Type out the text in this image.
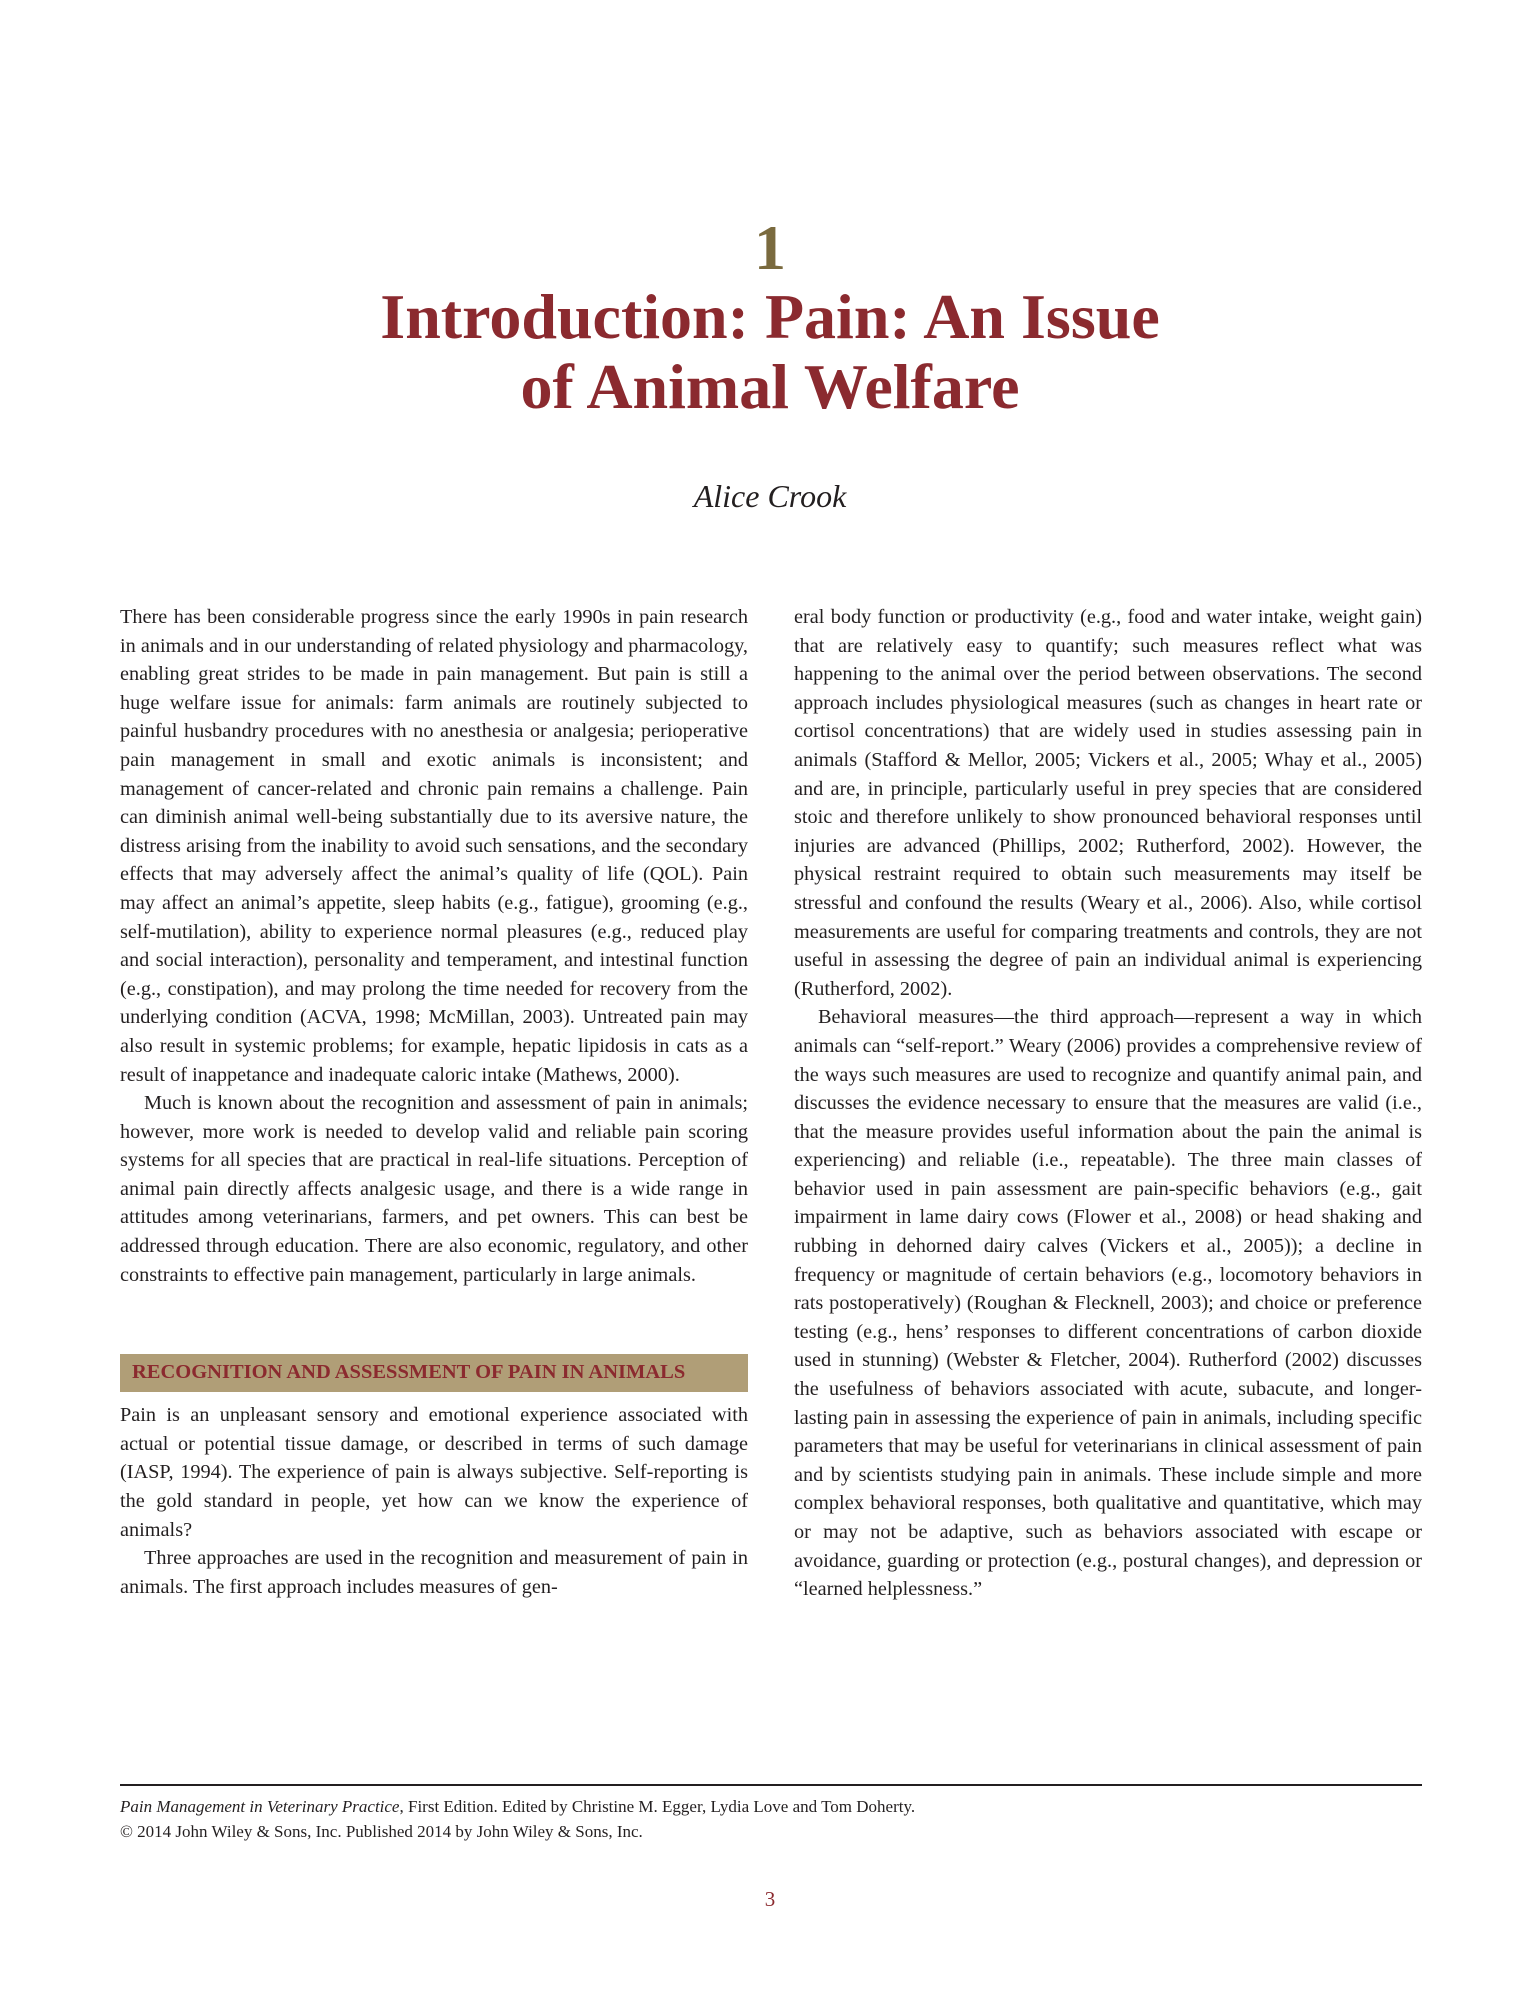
1
Introduction: Pain: An Issue
of Animal Welfare
Alice Crook

There has been considerable progress since the early 1990s in pain research in animals and in our understanding of related physiology and pharmacology, enabling great strides to be made in pain management. But pain is still a huge welfare issue for animals: farm animals are routinely subjected to painful husbandry procedures with no anesthesia or analgesia; perioperative pain management in small and exotic animals is inconsistent; and management of cancer-related and chronic pain remains a challenge. Pain can diminish animal well-being substantially due to its aversive nature, the distress arising from the inability to avoid such sensations, and the secondary effects that may adversely affect the animal’s quality of life (QOL). Pain may affect an animal’s appetite, sleep habits (e.g., fatigue), grooming (e.g., self-mutilation), ability to experience normal pleasures (e.g., reduced play and social interaction), personality and temperament, and intestinal function (e.g., constipation), and may prolong the time needed for recovery from the underlying condition (ACVA, 1998; McMillan, 2003). Untreated pain may also result in systemic problems; for example, hepatic lipidosis in cats as a result of inappetance and inadequate caloric intake (Mathews, 2000).

Much is known about the recognition and assessment of pain in animals; however, more work is needed to develop valid and reliable pain scoring systems for all species that are practical in real-life situations. Perception of animal pain directly affects analgesic usage, and there is a wide range in attitudes among veterinarians, farmers, and pet owners. This can best be addressed through education. There are also economic, regulatory, and other constraints to effective pain management, particularly in large animals.

RECOGNITION AND ASSESSMENT OF PAIN IN ANIMALS

Pain is an unpleasant sensory and emotional experience associated with actual or potential tissue damage, or described in terms of such damage (IASP, 1994). The experience of pain is always subjective. Self-reporting is the gold standard in people, yet how can we know the experience of animals?

Three approaches are used in the recognition and measurement of pain in animals. The first approach includes measures of gen-

eral body function or productivity (e.g., food and water intake, weight gain) that are relatively easy to quantify; such measures reflect what was happening to the animal over the period between observations. The second approach includes physiological measures (such as changes in heart rate or cortisol concentrations) that are widely used in studies assessing pain in animals (Stafford & Mellor, 2005; Vickers et al., 2005; Whay et al., 2005) and are, in principle, particularly useful in prey species that are considered stoic and therefore unlikely to show pronounced behavioral responses until injuries are advanced (Phillips, 2002; Rutherford, 2002). However, the physical restraint required to obtain such measurements may itself be stressful and confound the results (Weary et al., 2006). Also, while cortisol measurements are useful for comparing treatments and controls, they are not useful in assessing the degree of pain an individual animal is experiencing (Rutherford, 2002).

Behavioral measures—the third approach—represent a way in which animals can “self-report.” Weary (2006) provides a comprehensive review of the ways such measures are used to recognize and quantify animal pain, and discusses the evidence necessary to ensure that the measures are valid (i.e., that the measure provides useful information about the pain the animal is experiencing) and reliable (i.e., repeatable). The three main classes of behavior used in pain assessment are pain-specific behaviors (e.g., gait impairment in lame dairy cows (Flower et al., 2008) or head shaking and rubbing in dehorned dairy calves (Vickers et al., 2005)); a decline in frequency or magnitude of certain behaviors (e.g., locomotory behaviors in rats postoperatively) (Roughan & Flecknell, 2003); and choice or preference testing (e.g., hens’ responses to different concentrations of carbon dioxide used in stunning) (Webster & Fletcher, 2004). Rutherford (2002) discusses the usefulness of behaviors associated with acute, subacute, and longer-lasting pain in assessing the experience of pain in animals, including specific parameters that may be useful for veterinarians in clinical assessment of pain and by scientists studying pain in animals. These include simple and more complex behavioral responses, both qualitative and quantitative, which may or may not be adaptive, such as behaviors associated with escape or avoidance, guarding or protection (e.g., postural changes), and depression or “learned helplessness.”

Pain Management in Veterinary Practice, First Edition. Edited by Christine M. Egger, Lydia Love and Tom Doherty.
© 2014 John Wiley & Sons, Inc. Published 2014 by John Wiley & Sons, Inc.
3
